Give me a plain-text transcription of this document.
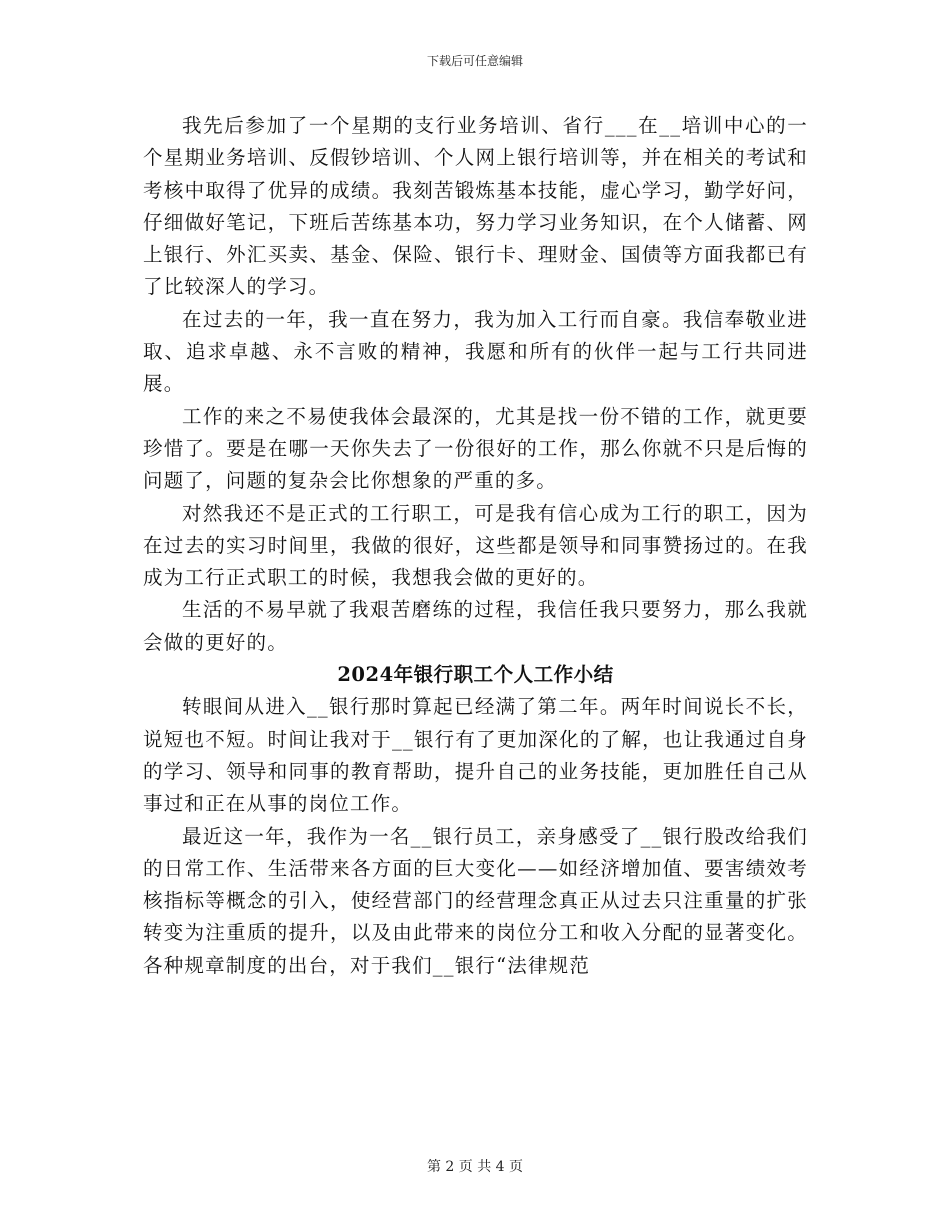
下载后可任意编辑

我先后参加了一个星期的支行业务培训、省行___在__培训中心的一个星期业务培训、反假钞培训、个人网上银行培训等，并在相关的考试和考核中取得了优异的成绩。我刻苦锻炼基本技能，虚心学习，勤学好问，仔细做好笔记，下班后苦练基本功，努力学习业务知识，在个人储蓄、网上银行、外汇买卖、基金、保险、银行卡、理财金、国债等方面我都已有了比较深人的学习。

在过去的一年，我一直在努力，我为加入工行而自豪。我信奉敬业进取、追求卓越、永不言败的精神，我愿和所有的伙伴一起与工行共同进展。

工作的来之不易使我体会最深的，尤其是找一份不错的工作，就更要珍惜了。要是在哪一天你失去了一份很好的工作，那么你就不只是后悔的问题了，问题的复杂会比你想象的严重的多。

对然我还不是正式的工行职工，可是我有信心成为工行的职工，因为在过去的实习时间里，我做的很好，这些都是领导和同事赞扬过的。在我成为工行正式职工的时候，我想我会做的更好的。

生活的不易早就了我艰苦磨练的过程，我信任我只要努力，那么我就会做的更好的。

2024年银行职工个人工作小结

转眼间从进入__银行那时算起已经满了第二年。两年时间说长不长，说短也不短。时间让我对于__银行有了更加深化的了解，也让我通过自身的学习、领导和同事的教育帮助，提升自己的业务技能，更加胜任自己从事过和正在从事的岗位工作。

最近这一年，我作为一名__银行员工，亲身感受了__银行股改给我们的日常工作、生活带来各方面的巨大变化——如经济增加值、要害绩效考核指标等概念的引入，使经营部门的经营理念真正从过去只注重量的扩张转变为注重质的提升，以及由此带来的岗位分工和收入分配的显著变化。各种规章制度的出台，对于我们__银行“法律规范

第 2 页 共 4 页
